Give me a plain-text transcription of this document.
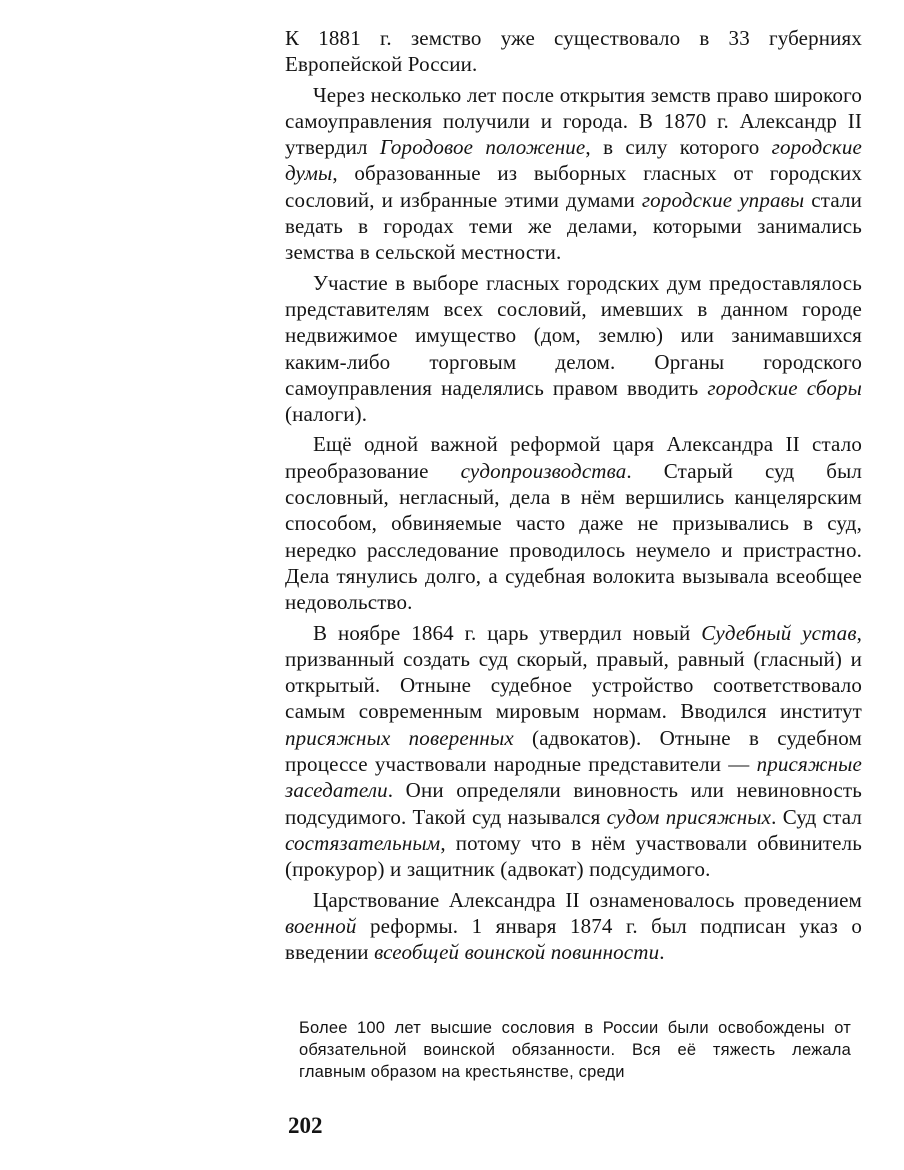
К 1881 г. земство уже существовало в 33 губерниях Европейской России.

Через несколько лет после открытия земств право широкого самоуправления получили и города. В 1870 г. Александр II утвердил Городовое положение, в силу которого городские думы, образованные из выборных гласных от городских сословий, и избранные этими думами городские управы стали ведать в городах теми же делами, которыми занимались земства в сельской местности.

Участие в выборе гласных городских дум предоставлялось представителям всех сословий, имевших в данном городе недвижимое имущество (дом, землю) или занимавшихся каким-либо торговым делом. Органы городского самоуправления наделялись правом вводить городские сборы (налоги).

Ещё одной важной реформой царя Александра II стало преобразование судопроизводства. Старый суд был сословный, негласный, дела в нём вершились канцелярским способом, обвиняемые часто даже не призывались в суд, нередко расследование проводилось неумело и пристрастно. Дела тянулись долго, а судебная волокита вызывала всеобщее недовольство.

В ноябре 1864 г. царь утвердил новый Судебный устав, призванный создать суд скорый, правый, равный (гласный) и открытый. Отныне судебное устройство соответствовало самым современным мировым нормам. Вводился институт присяжных поверенных (адвокатов). Отныне в судебном процессе участвовали народные представители — присяжные заседатели. Они определяли виновность или невиновность подсудимого. Такой суд назывался судом присяжных. Суд стал состязательным, потому что в нём участвовали обвинитель (прокурор) и защитник (адвокат) подсудимого.

Царствование Александра II ознаменовалось проведением военной реформы. 1 января 1874 г. был подписан указ о введении всеобщей воинской повинности.

Более 100 лет высшие сословия в России были освобождены от обязательной воинской обязанности. Вся её тяжесть лежала главным образом на крестьянстве, среди

202
